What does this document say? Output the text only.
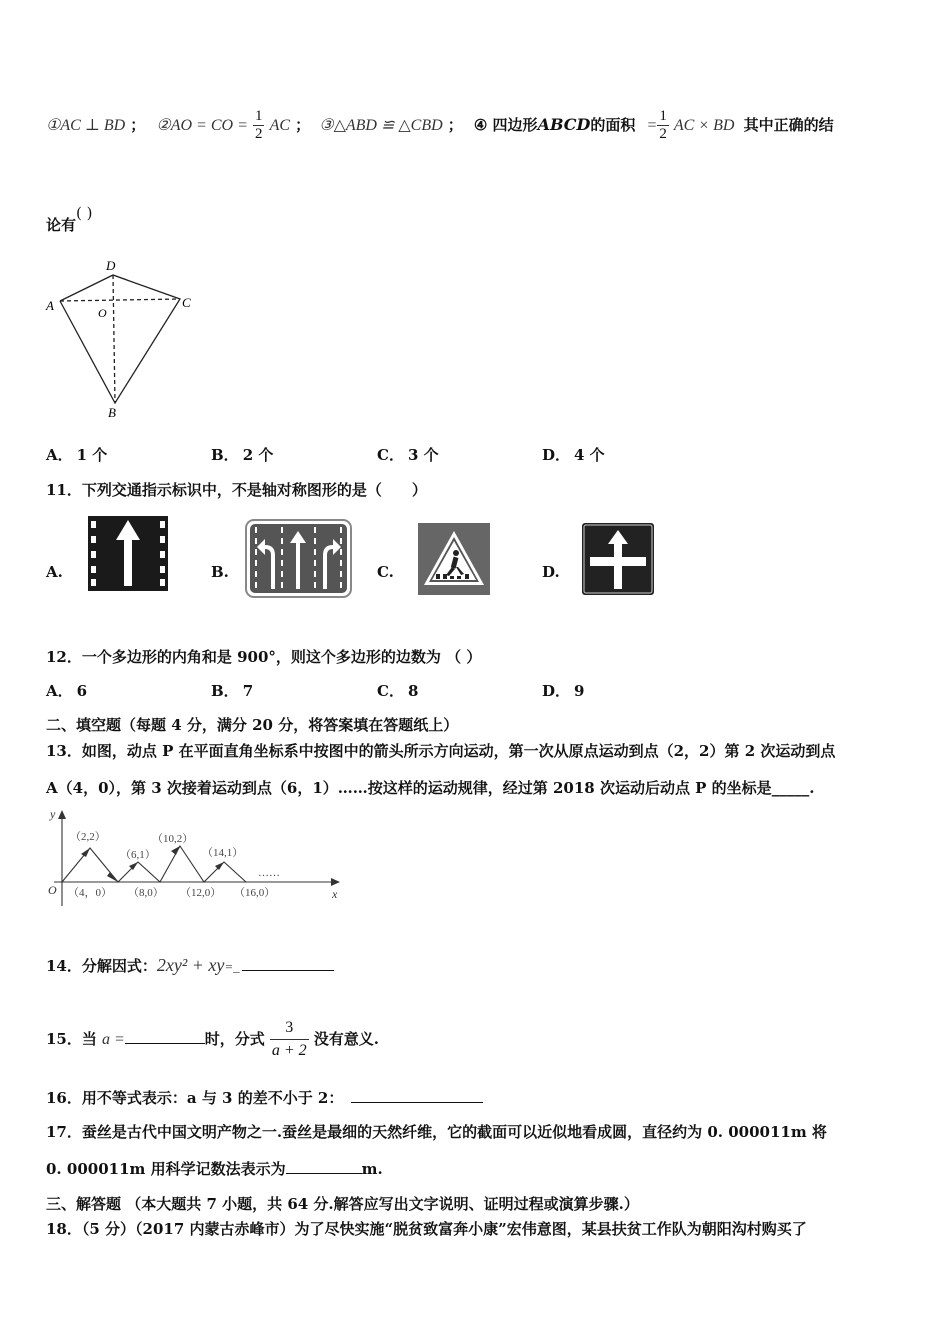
①AC ⊥ BD ； ②AO = CO = $\frac{1}{2}$ AC ； ③△ABD ≌ △CBD ； ④ 四边形ABCD的面积 = $\frac{1}{2}$ AC × BD 其中正确的结
论有( )
D
A	O
C
B
A． 1 个	B． 2 个	C． 3 个	D． 4 个
11．下列交通指示标识中，不是轴对称图形的是（　　）
A.	B.	C.	D.
12．一个多边形的内角和是 900°，则这个多边形的边数为 （ ）
A． 6	B． 7	C． 8	D． 9
二、填空题（每题 4 分，满分 20 分，将答案填在答题纸上）
13．如图，动点 P 在平面直角坐标系中按图中的箭头所示方向运动，第一次从原点运动到点（2，2）第 2 次运动到点
A（4，0），第 3 次接着运动到点（6，1）……按这样的运动规律，经过第 2018 次运动后动点 P 的坐标是_____.
y
x
O
（2,2）
（6,1）
（10,2）
（14,1）
（4，0） （8,0） （12,0） （16,0）
……
14．分解因式：2xy² + xy=_
15．当 a =	时，分式 $\frac{3}{a + 2}$ 没有意义.
16．用不等式表示：a 与 3 的差不小于 2：
17．蚕丝是古代中国文明产物之一.蚕丝是最细的天然纤维，它的截面可以近似地看成圆，直径约为 0. 000011m 将
0. 000011m 用科学记数法表示为	m.
三、解答题 （本大题共 7 小题，共 64 分.解答应写出文字说明、证明过程或演算步骤.）
18．（5 分）（2017 内蒙古赤峰市）为了尽快实施“脱贫致富奔小康”宏伟意图，某县扶贫工作队为朝阳沟村购买了
